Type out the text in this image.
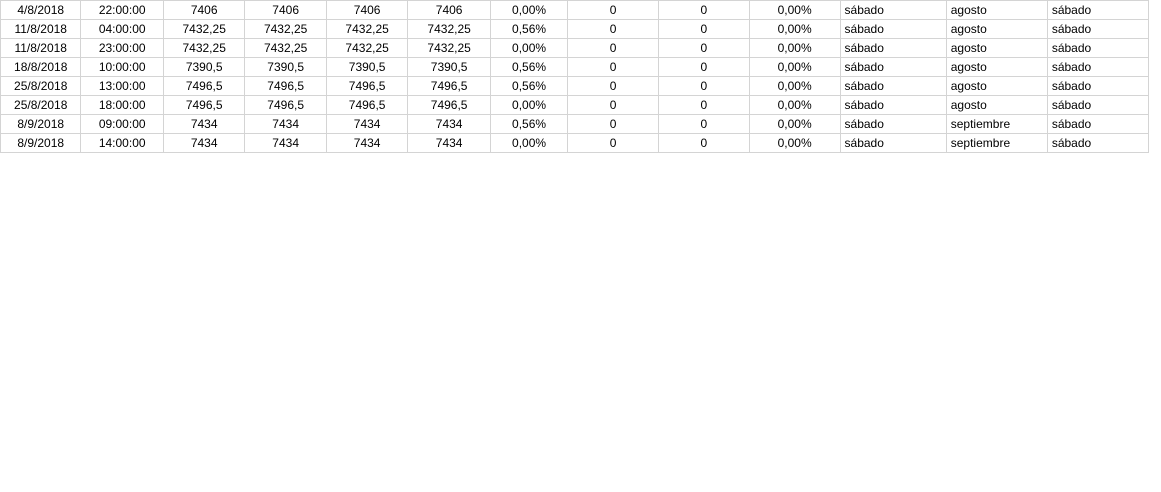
4/8/2018	22:00:00	7406	7406	7406	7406	0,00%	0	0	0,00%	sábado	agosto	sábado
11/8/2018	04:00:00	7432,25	7432,25	7432,25	7432,25	0,56%	0	0	0,00%	sábado	agosto	sábado
11/8/2018	23:00:00	7432,25	7432,25	7432,25	7432,25	0,00%	0	0	0,00%	sábado	agosto	sábado
18/8/2018	10:00:00	7390,5	7390,5	7390,5	7390,5	0,56%	0	0	0,00%	sábado	agosto	sábado
25/8/2018	13:00:00	7496,5	7496,5	7496,5	7496,5	0,56%	0	0	0,00%	sábado	agosto	sábado
25/8/2018	18:00:00	7496,5	7496,5	7496,5	7496,5	0,00%	0	0	0,00%	sábado	agosto	sábado
8/9/2018	09:00:00	7434	7434	7434	7434	0,56%	0	0	0,00%	sábado	septiembre	sábado
8/9/2018	14:00:00	7434	7434	7434	7434	0,00%	0	0	0,00%	sábado	septiembre	sábado
